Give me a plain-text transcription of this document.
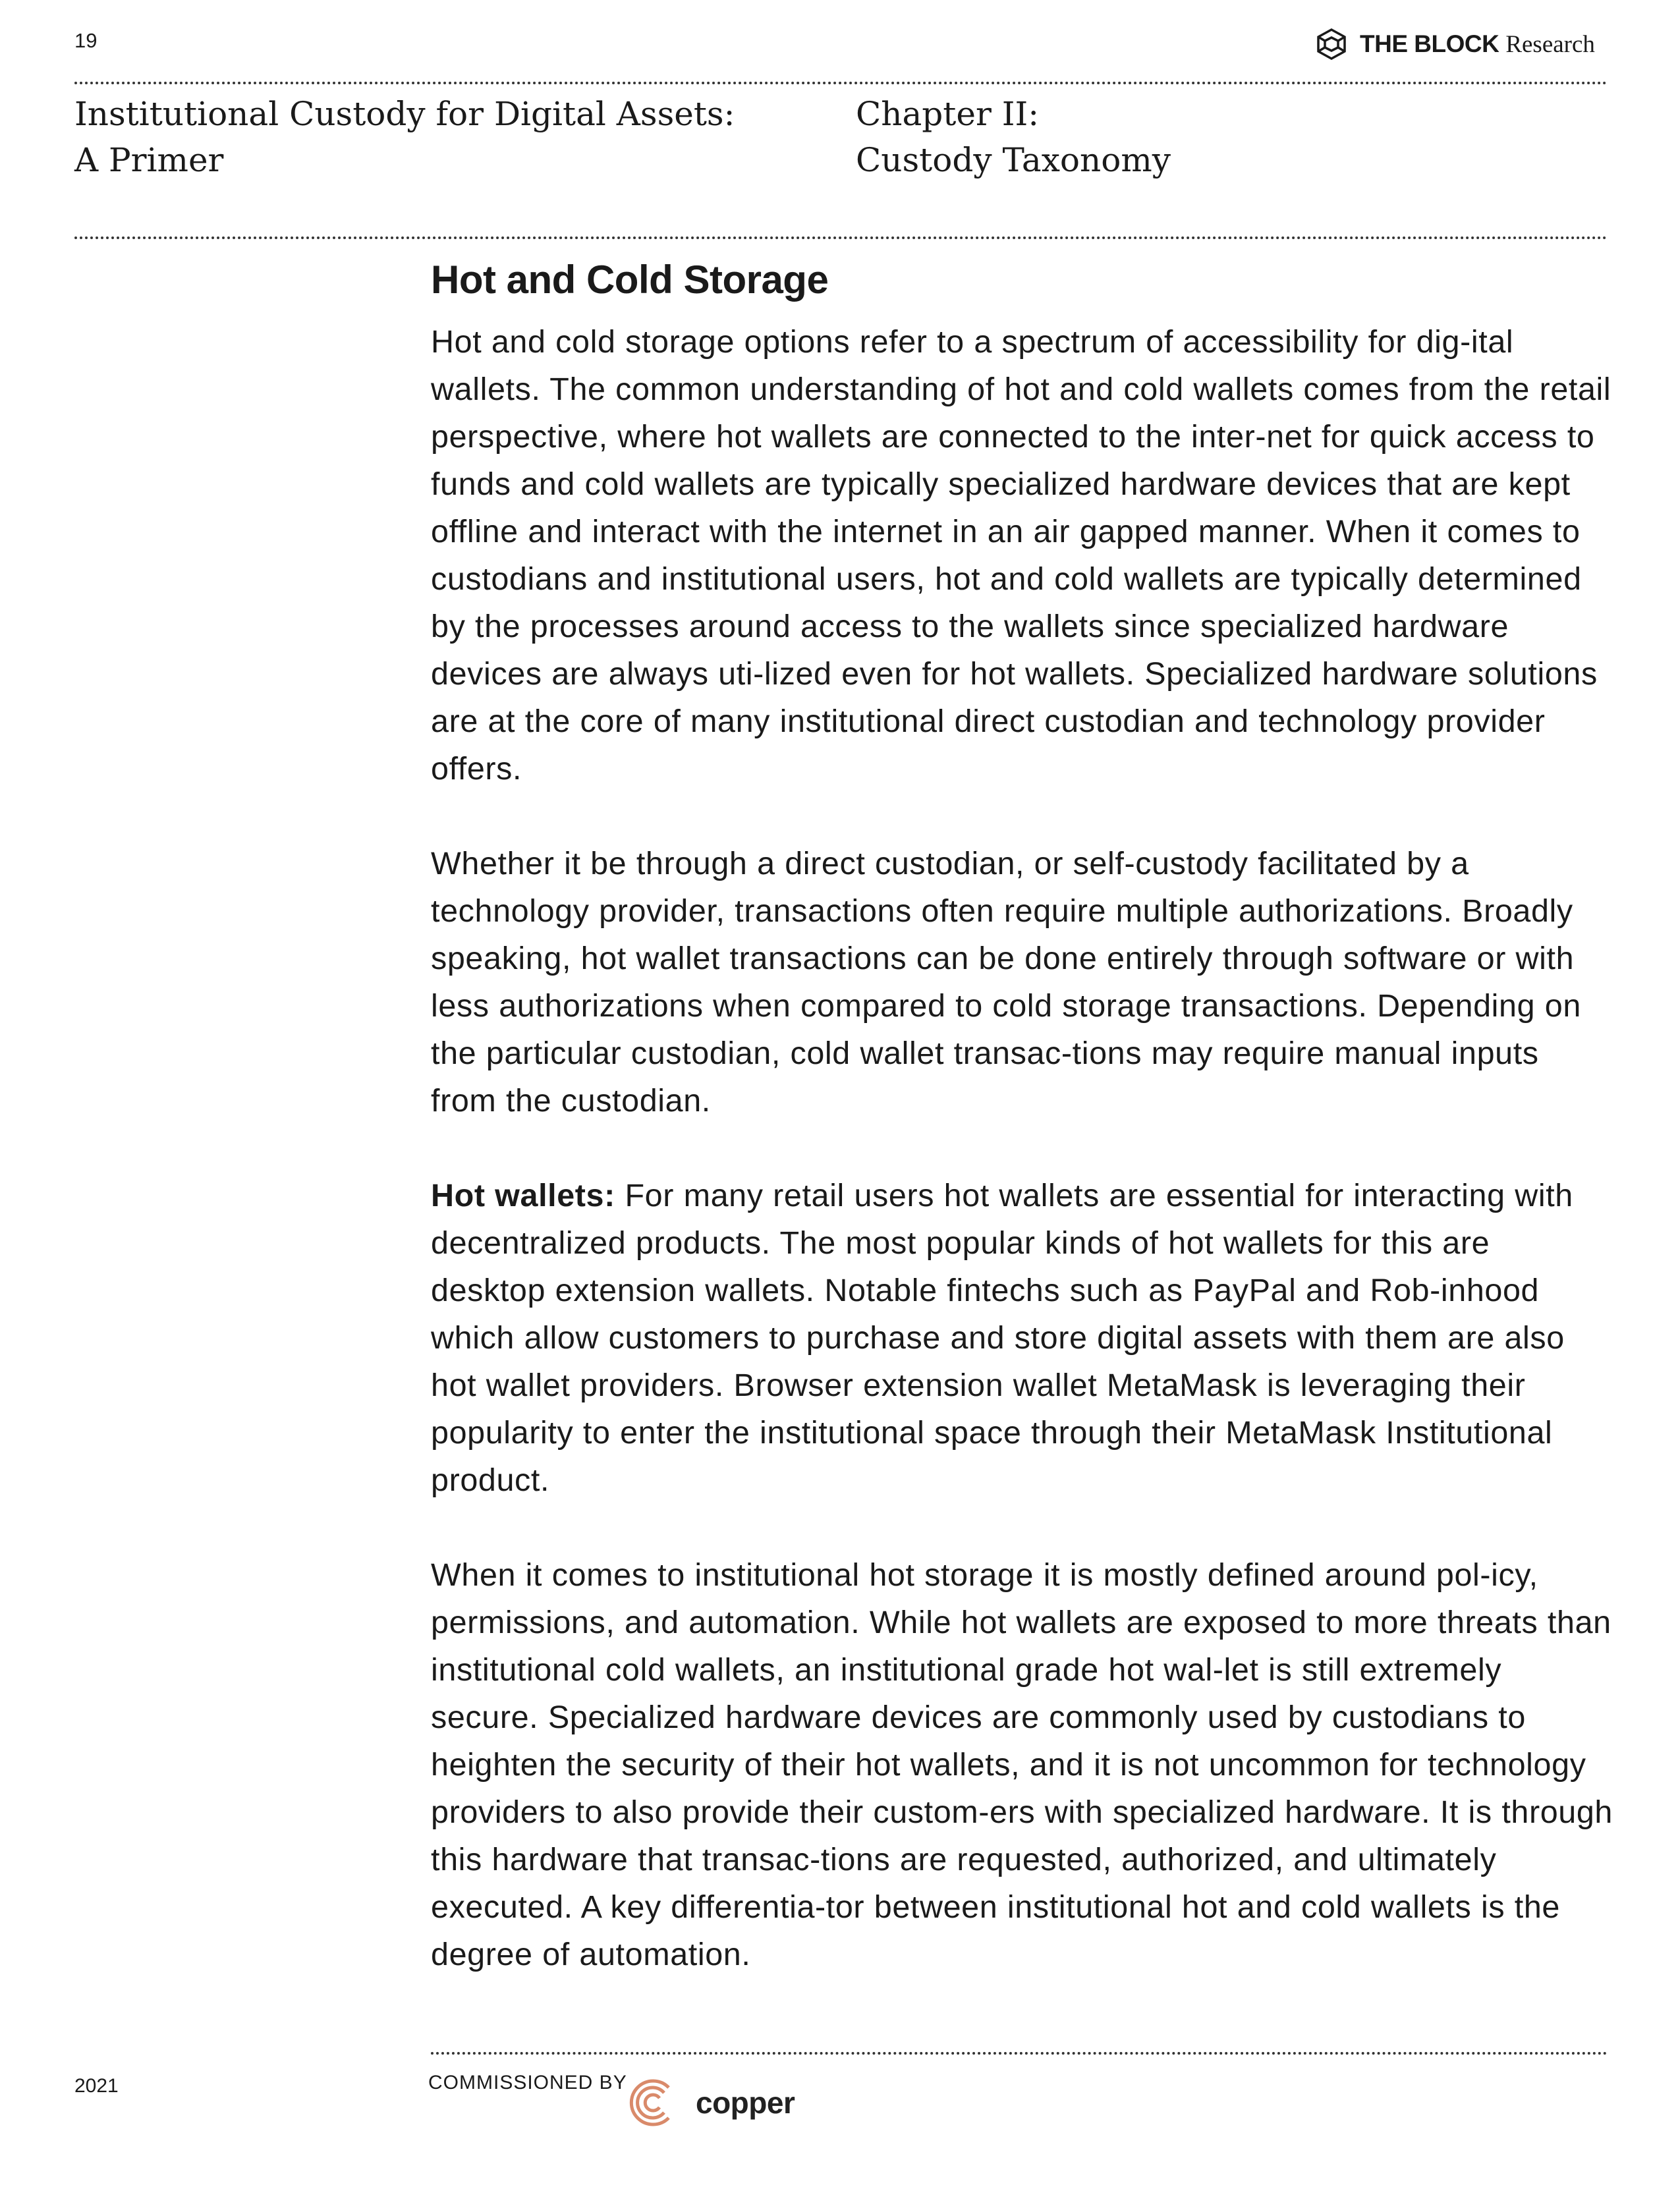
19	THE BLOCK Research
Institutional Custody for Digital Assets:
A Primer
Chapter II:
Custody Taxonomy
Hot and Cold Storage

Hot and cold storage options refer to a spectrum of accessibility for dig-ital wallets. The common understanding of hot and cold wallets comes from the retail perspective, where hot wallets are connected to the inter-net for quick access to funds and cold wallets are typically specialized hardware devices that are kept offline and interact with the internet in an air gapped manner. When it comes to custodians and institutional users, hot and cold wallets are typically determined by the processes around access to the wallets since specialized hardware devices are always uti-lized even for hot wallets. Specialized hardware solutions are at the core of many institutional direct custodian and technology provider offers.

Whether it be through a direct custodian, or self-custody facilitated by a technology provider, transactions often require multiple authorizations. Broadly speaking, hot wallet transactions can be done entirely through software or with less authorizations when compared to cold storage transactions. Depending on the particular custodian, cold wallet transac-tions may require manual inputs from the custodian.

Hot wallets: For many retail users hot wallets are essential for interacting with decentralized products. The most popular kinds of hot wallets for this are desktop extension wallets. Notable fintechs such as PayPal and Rob-inhood which allow customers to purchase and store digital assets with them are also hot wallet providers. Browser extension wallet MetaMask is leveraging their popularity to enter the institutional space through their MetaMask Institutional product.

When it comes to institutional hot storage it is mostly defined around pol-icy, permissions, and automation. While hot wallets are exposed to more threats than institutional cold wallets, an institutional grade hot wal-let is still extremely secure. Specialized hardware devices are commonly used by custodians to heighten the security of their hot wallets, and it is not uncommon for technology providers to also provide their custom-ers with specialized hardware. It is through this hardware that transac-tions are requested, authorized, and ultimately executed. A key differentia-tor between institutional hot and cold wallets is the degree of automation.

2021	COMMISSIONED BY
copper
